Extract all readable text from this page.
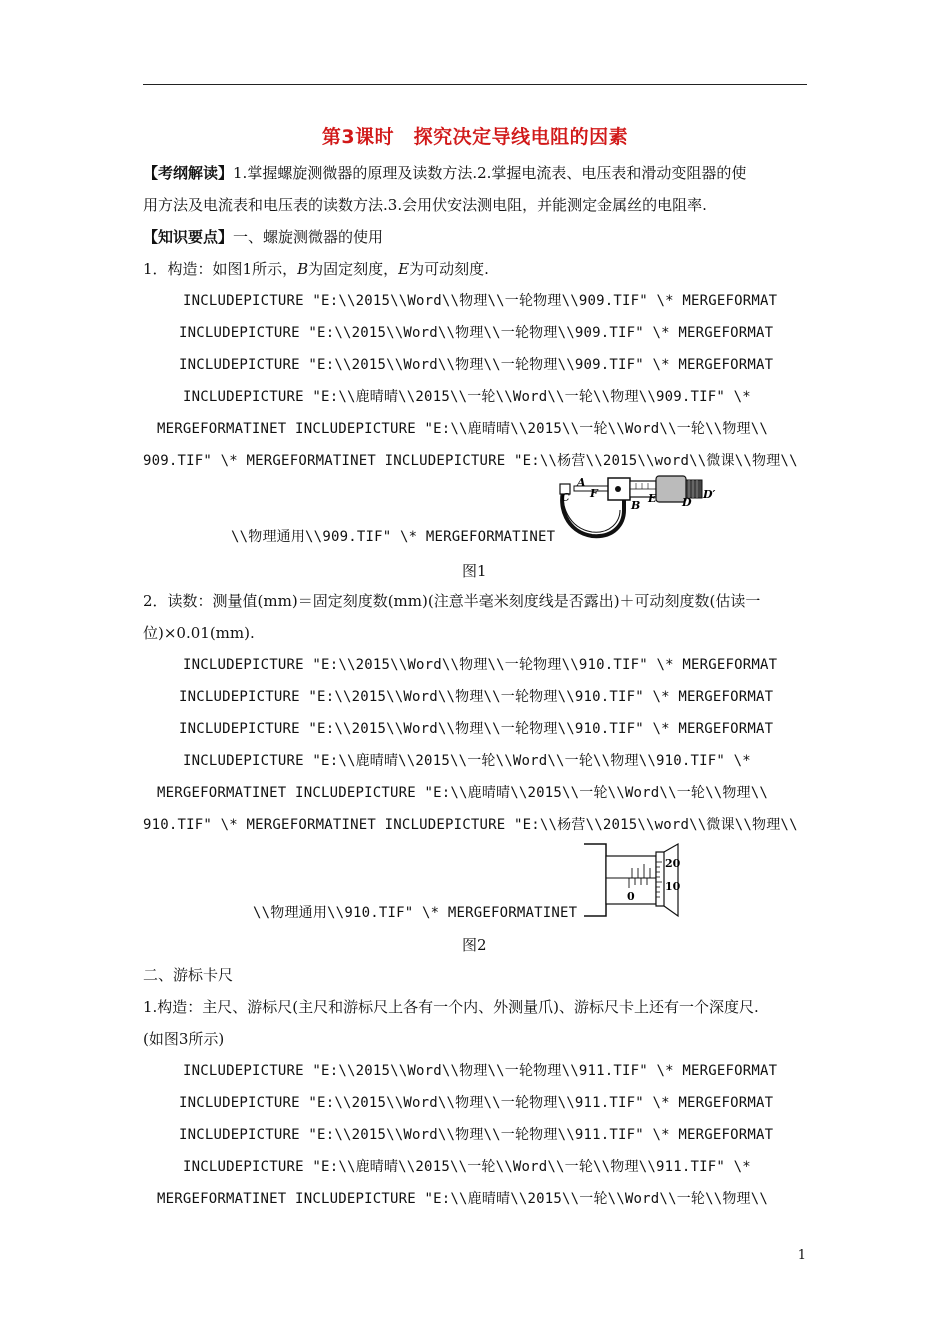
第3课时　探究决定导线电阻的因素
【考纲解读】1.掌握螺旋测微器的原理及读数方法.2.掌握电流表、电压表和滑动变阻器的使
用方法及电流表和电压表的读数方法.3.会用伏安法测电阻，并能测定金属丝的电阻率.
【知识要点】一、螺旋测微器的使用
1．构造：如图1所示，B为固定刻度，E为可动刻度.
INCLUDEPICTURE "E:\\2015\\Word\\物理\\一轮物理\\909.TIF" \* MERGEFORMAT
INCLUDEPICTURE "E:\\2015\\Word\\物理\\一轮物理\\909.TIF" \* MERGEFORMAT
INCLUDEPICTURE "E:\\2015\\Word\\物理\\一轮物理\\909.TIF" \* MERGEFORMAT
INCLUDEPICTURE "E:\\鹿晴晴\\2015\\一轮\\Word\\一轮\\物理\\909.TIF" \*
MERGEFORMATINET INCLUDEPICTURE "E:\\鹿晴晴\\2015\\一轮\\Word\\一轮\\物理\\
909.TIF" \* MERGEFORMATINET INCLUDEPICTURE "E:\\杨营\\2015\\word\\微课\\物理\\
\\物理通用\\909.TIF" \* MERGEFORMATINET
A
C F
B
E D
D′
图1
2．读数：测量值(mm)＝固定刻度数(mm)(注意半毫米刻度线是否露出)＋可动刻度数(估读一
位)×0.01(mm).
INCLUDEPICTURE "E:\\2015\\Word\\物理\\一轮物理\\910.TIF" \* MERGEFORMAT
INCLUDEPICTURE "E:\\2015\\Word\\物理\\一轮物理\\910.TIF" \* MERGEFORMAT
INCLUDEPICTURE "E:\\2015\\Word\\物理\\一轮物理\\910.TIF" \* MERGEFORMAT
INCLUDEPICTURE "E:\\鹿晴晴\\2015\\一轮\\Word\\一轮\\物理\\910.TIF" \*
MERGEFORMATINET INCLUDEPICTURE "E:\\鹿晴晴\\2015\\一轮\\Word\\一轮\\物理\\
910.TIF" \* MERGEFORMATINET INCLUDEPICTURE "E:\\杨营\\2015\\word\\微课\\物理\\
\\物理通用\\910.TIF" \* MERGEFORMATINET
20
10
0
图2
二、游标卡尺
1.构造：主尺、游标尺(主尺和游标尺上各有一个内、外测量爪)、游标尺卡上还有一个深度尺.
(如图3所示)
INCLUDEPICTURE "E:\\2015\\Word\\物理\\一轮物理\\911.TIF" \* MERGEFORMAT
INCLUDEPICTURE "E:\\2015\\Word\\物理\\一轮物理\\911.TIF" \* MERGEFORMAT
INCLUDEPICTURE "E:\\2015\\Word\\物理\\一轮物理\\911.TIF" \* MERGEFORMAT
INCLUDEPICTURE "E:\\鹿晴晴\\2015\\一轮\\Word\\一轮\\物理\\911.TIF" \*
MERGEFORMATINET INCLUDEPICTURE "E:\\鹿晴晴\\2015\\一轮\\Word\\一轮\\物理\\
1
